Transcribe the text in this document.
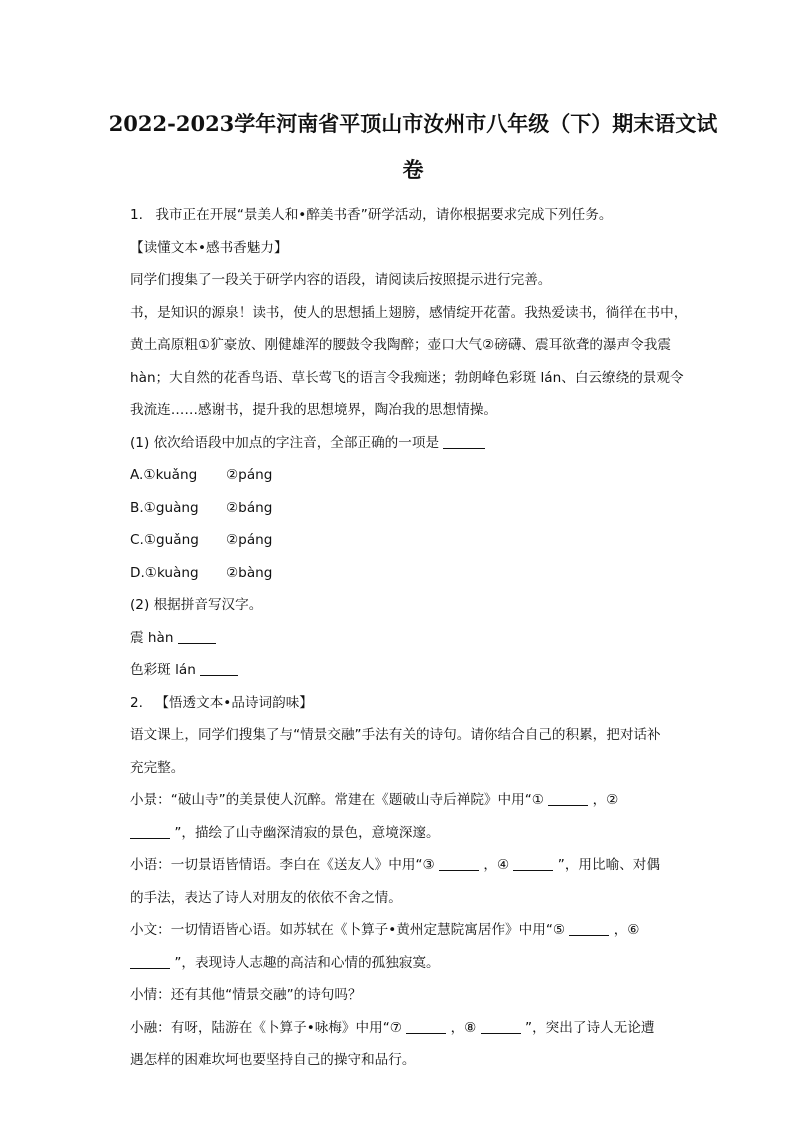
2022-2023学年河南省平顶山市汝州市八年级（下）期末语文试
卷

1. 我市正在开展“景美人和•醉美书香”研学活动，请你根据要求完成下列任务。

【读懂文本•感书香魅力】

同学们搜集了一段关于研学内容的语段，请阅读后按照提示进行完善。

书，是知识的源泉！读书，使人的思想插上翅膀，感情绽开花蕾。我热爱读书，徜徉在书中，

黄土高原粗①犷豪放、刚健雄浑的腰鼓令我陶醉；壶口大气②磅礴、震耳欲聋的瀑声令我震

hàn；大自然的花香鸟语、草长莺飞的语言令我痴迷；勃朗峰色彩斑 lán、白云缭绕的景观令

我流连……感谢书，提升我的思想境界，陶冶我的思想情操。

(1) 依次给语段中加点的字注音，全部正确的一项是

A.①kuǎng ②páng

B.①guàng ②báng

C.①guǎng ②páng

D.①kuàng ②bàng

(2) 根据拼音写汉字。

震 hàn

色彩斑 lán

2. 【悟透文本•品诗词韵味】

语文课上，同学们搜集了与“情景交融”手法有关的诗句。请你结合自己的积累，把对话补

充完整。

小景：“破山寺”的美景使人沉醉。常建在《题破山寺后禅院》中用“①	，②

”，描绘了山寺幽深清寂的景色，意境深邃。

小语：一切景语皆情语。李白在《送友人》中用“③	，④	”，用比喻、对偶

的手法，表达了诗人对朋友的依依不舍之情。

小文：一切情语皆心语。如苏轼在《卜算子•黄州定慧院寓居作》中用“⑤	，⑥

”，表现诗人志趣的高洁和心情的孤独寂寞。

小情：还有其他“情景交融”的诗句吗？

小融：有呀，陆游在《卜算子•咏梅》中用“⑦	，⑧	”，突出了诗人无论遭

遇怎样的困难坎坷也要坚持自己的操守和品行。
